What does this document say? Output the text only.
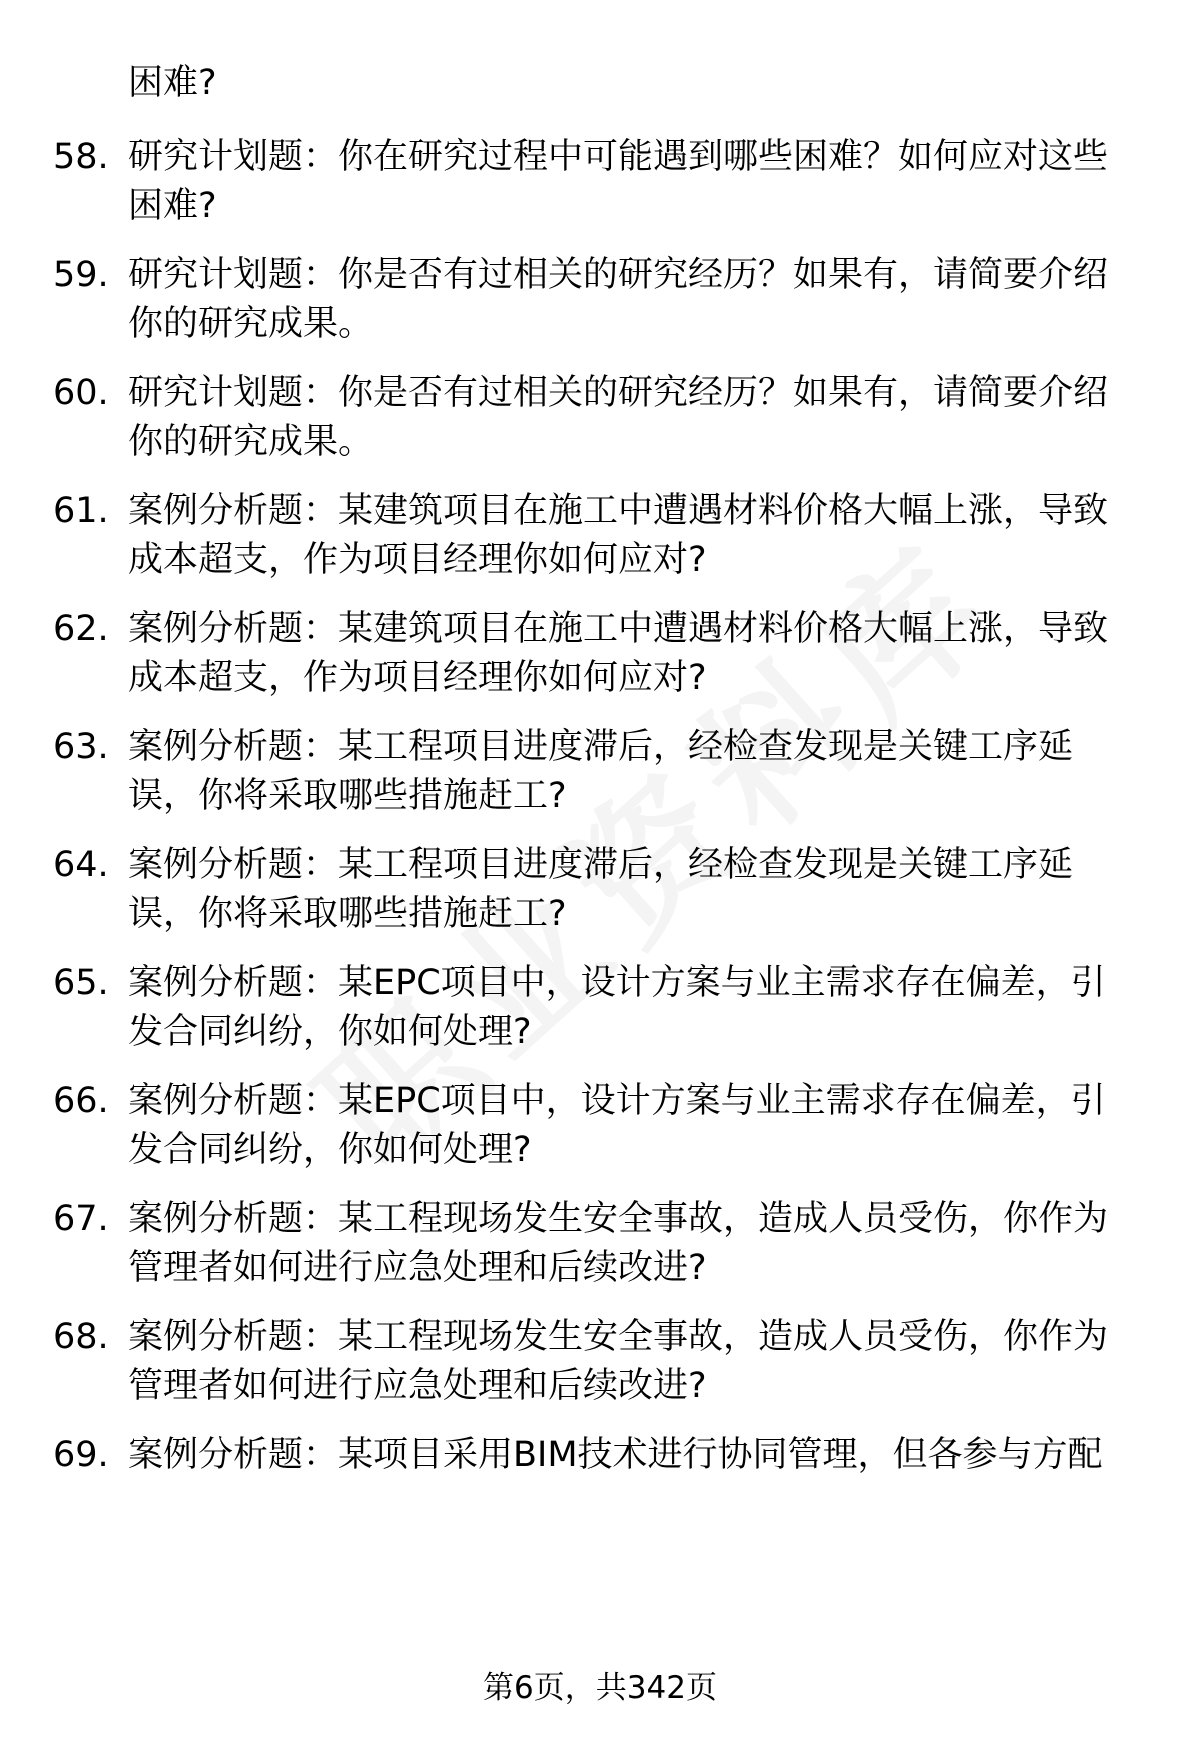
困难?
58. 研究计划题：你在研究过程中可能遇到哪些困难？如何应对这些
困难?
59. 研究计划题：你是否有过相关的研究经历？如果有，请简要介绍
你的研究成果。
60. 研究计划题：你是否有过相关的研究经历？如果有，请简要介绍
你的研究成果。
61. 案例分析题：某建筑项目在施工中遭遇材料价格大幅上涨，导致
成本超支，作为项目经理你如何应对?
62. 案例分析题：某建筑项目在施工中遭遇材料价格大幅上涨，导致
成本超支，作为项目经理你如何应对?
63. 案例分析题：某工程项目进度滞后，经检查发现是关键工序延
误，你将采取哪些措施赶工?
64. 案例分析题：某工程项目进度滞后，经检查发现是关键工序延
误，你将采取哪些措施赶工?
65. 案例分析题：某EPC项目中，设计方案与业主需求存在偏差，引
发合同纠纷，你如何处理?
66. 案例分析题：某EPC项目中，设计方案与业主需求存在偏差，引
发合同纠纷，你如何处理?
67. 案例分析题：某工程现场发生安全事故，造成人员受伤，你作为
管理者如何进行应急处理和后续改进?
68. 案例分析题：某工程现场发生安全事故，造成人员受伤，你作为
管理者如何进行应急处理和后续改进?
69. 案例分析题：某项目采用BIM技术进行协同管理，但各参与方配
第6页，共342页
